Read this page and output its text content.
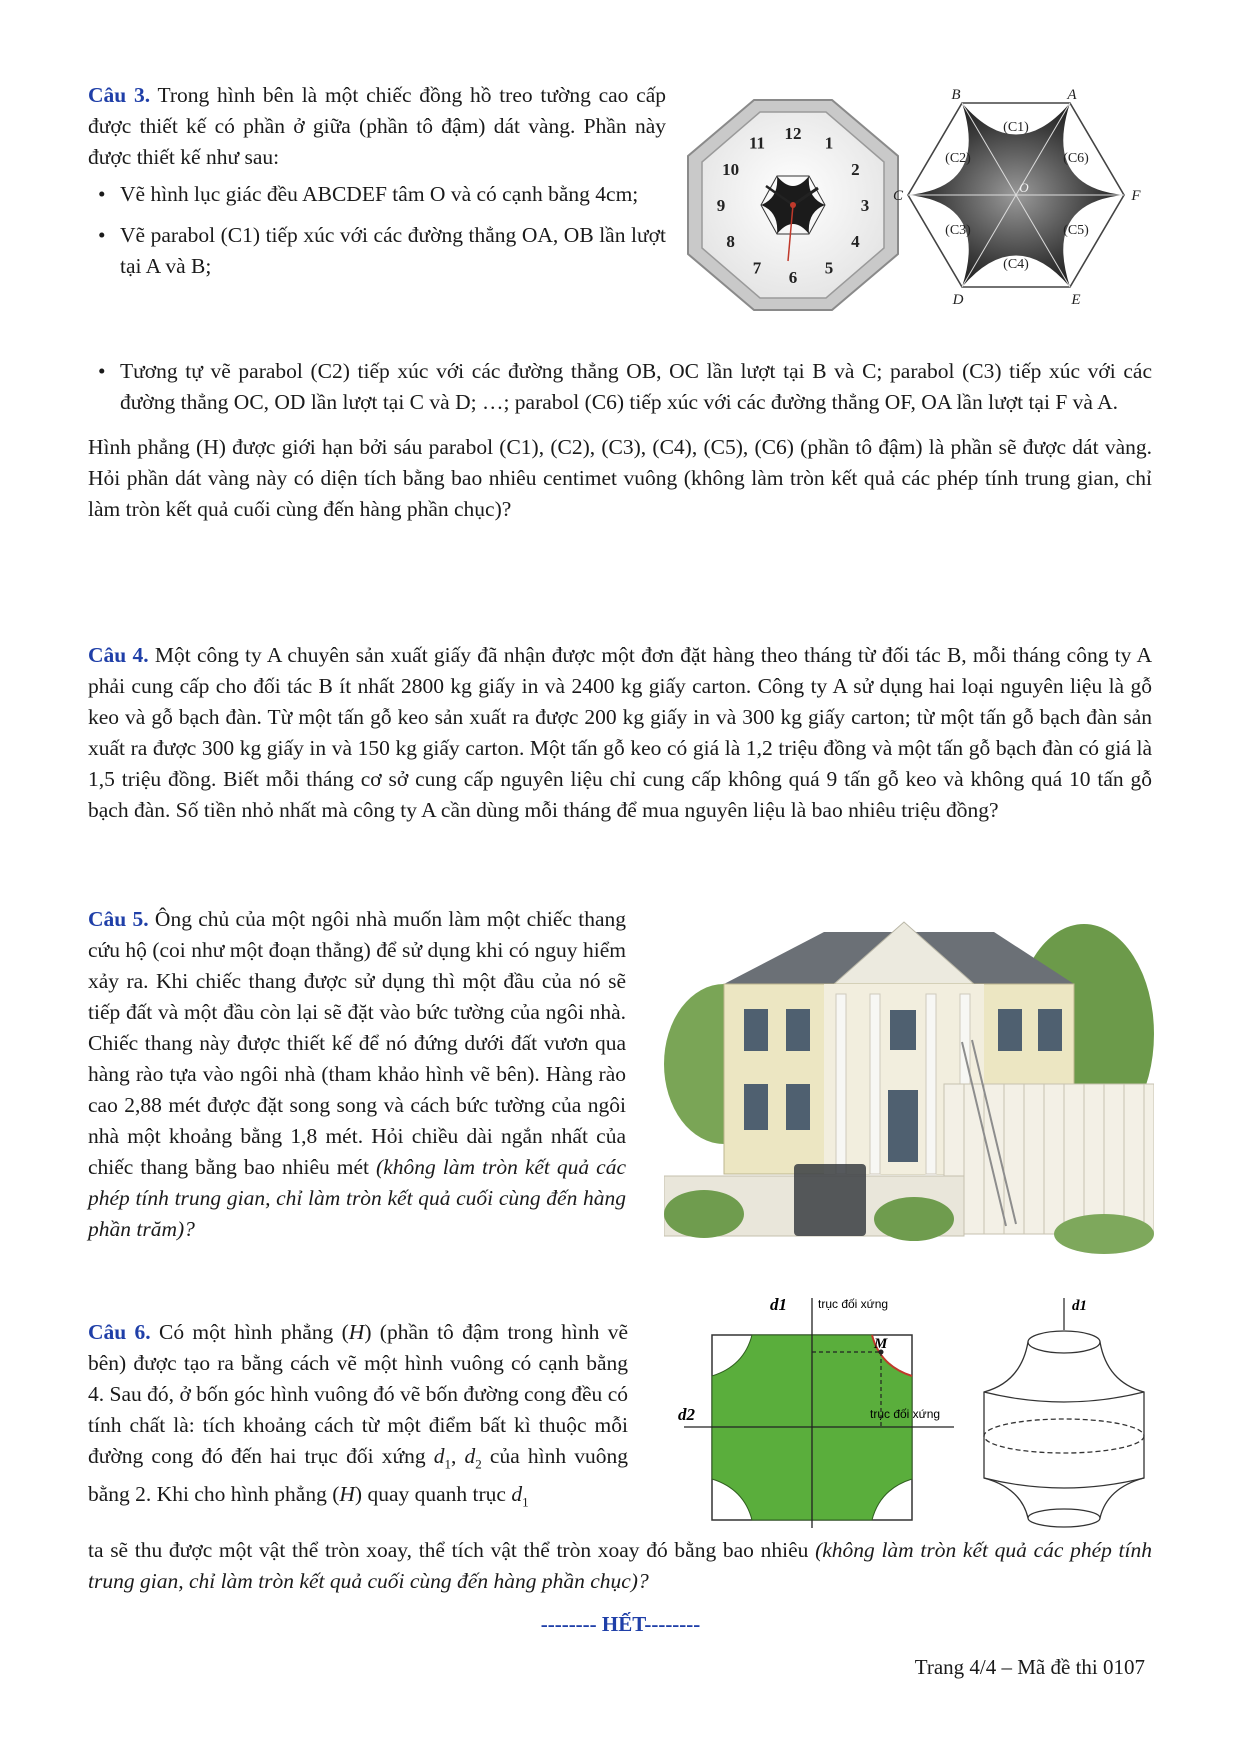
Câu 3. Trong hình bên là một chiếc đồng hồ treo tường cao cấp được thiết kế có phần ở giữa (phần tô đậm) dát vàng. Phần này được thiết kế như sau:
• Vẽ hình lục giác đều ABCDEF tâm O và có cạnh bằng 4cm;
• Vẽ parabol (C1) tiếp xúc với các đường thẳng OA, OB lần lượt tại A và B;
• Tương tự vẽ parabol (C2) tiếp xúc với các đường thẳng OB, OC lần lượt tại B và C; parabol (C3) tiếp xúc với các đường thẳng OC, OD lần lượt tại C và D; …; parabol (C6) tiếp xúc với các đường thẳng OF, OA lần lượt tại F và A.
Hình phẳng (H) được giới hạn bởi sáu parabol (C1), (C2), (C3), (C4), (C5), (C6) (phần tô đậm) là phần sẽ được dát vàng. Hỏi phần dát vàng này có diện tích bằng bao nhiêu centimet vuông (không làm tròn kết quả các phép tính trung gian, chỉ làm tròn kết quả cuối cùng đến hàng phần chục)?
12
1
2
3
4
5
6
7
8
9
10
11
A
B
C
D	E
F
O
(C1)
(C2)
(C3)
(C4)
(C5)
(C6)
Câu 4. Một công ty A chuyên sản xuất giấy đã nhận được một đơn đặt hàng theo tháng từ đối tác B, mỗi tháng công ty A phải cung cấp cho đối tác B ít nhất 2800 kg giấy in và 2400 kg giấy carton. Công ty A sử dụng hai loại nguyên liệu là gỗ keo và gỗ bạch đàn. Từ một tấn gỗ keo sản xuất ra được 200 kg giấy in và 300 kg giấy carton; từ một tấn gỗ bạch đàn sản xuất ra được 300 kg giấy in và 150 kg giấy carton. Một tấn gỗ keo có giá là 1,2 triệu đồng và một tấn gỗ bạch đàn có giá là 1,5 triệu đồng. Biết mỗi tháng cơ sở cung cấp nguyên liệu chỉ cung cấp không quá 9 tấn gỗ keo và không quá 10 tấn gỗ bạch đàn. Số tiền nhỏ nhất mà công ty A cần dùng mỗi tháng để mua nguyên liệu là bao nhiêu triệu đồng?
Câu 5. Ông chủ của một ngôi nhà muốn làm một chiếc thang cứu hộ (coi như một đoạn thẳng) để sử dụng khi có nguy hiểm xảy ra. Khi chiếc thang được sử dụng thì một đầu của nó sẽ tiếp đất và một đầu còn lại sẽ đặt vào bức tường của ngôi nhà. Chiếc thang này được thiết kế để nó đứng dưới đất vươn qua hàng rào tựa vào ngôi nhà (tham khảo hình vẽ bên). Hàng rào cao 2,88 mét được đặt song song và cách bức tường của ngôi nhà một khoảng bằng 1,8 mét. Hỏi chiều dài ngắn nhất của chiếc thang bằng bao nhiêu mét (không làm tròn kết quả các phép tính trung gian, chỉ làm tròn kết quả cuối cùng đến hàng phần trăm)?
Câu 6. Có một hình phẳng (H) (phần tô đậm trong hình vẽ bên) được tạo ra bằng cách vẽ một hình vuông có cạnh bằng 4. Sau đó, ở bốn góc hình vuông đó vẽ bốn đường cong đều có tính chất là: tích khoảng cách từ một điểm bất kì thuộc mỗi đường cong đó đến hai trục đối xứng $d_1$, $d_2$ của hình vuông bằng 2. Khi cho hình phẳng (H) quay quanh trục $d_1$
ta sẽ thu được một vật thể tròn xoay, thể tích vật thể tròn xoay đó bằng bao nhiêu (không làm tròn kết quả các phép tính trung gian, chỉ làm tròn kết quả cuối cùng đến hàng phần chục)?
d1	trục đối xứng
d2	trục đối xứng
M
d1
-------- HẾT--------
Trang 4/4 – Mã đề thi 0107
